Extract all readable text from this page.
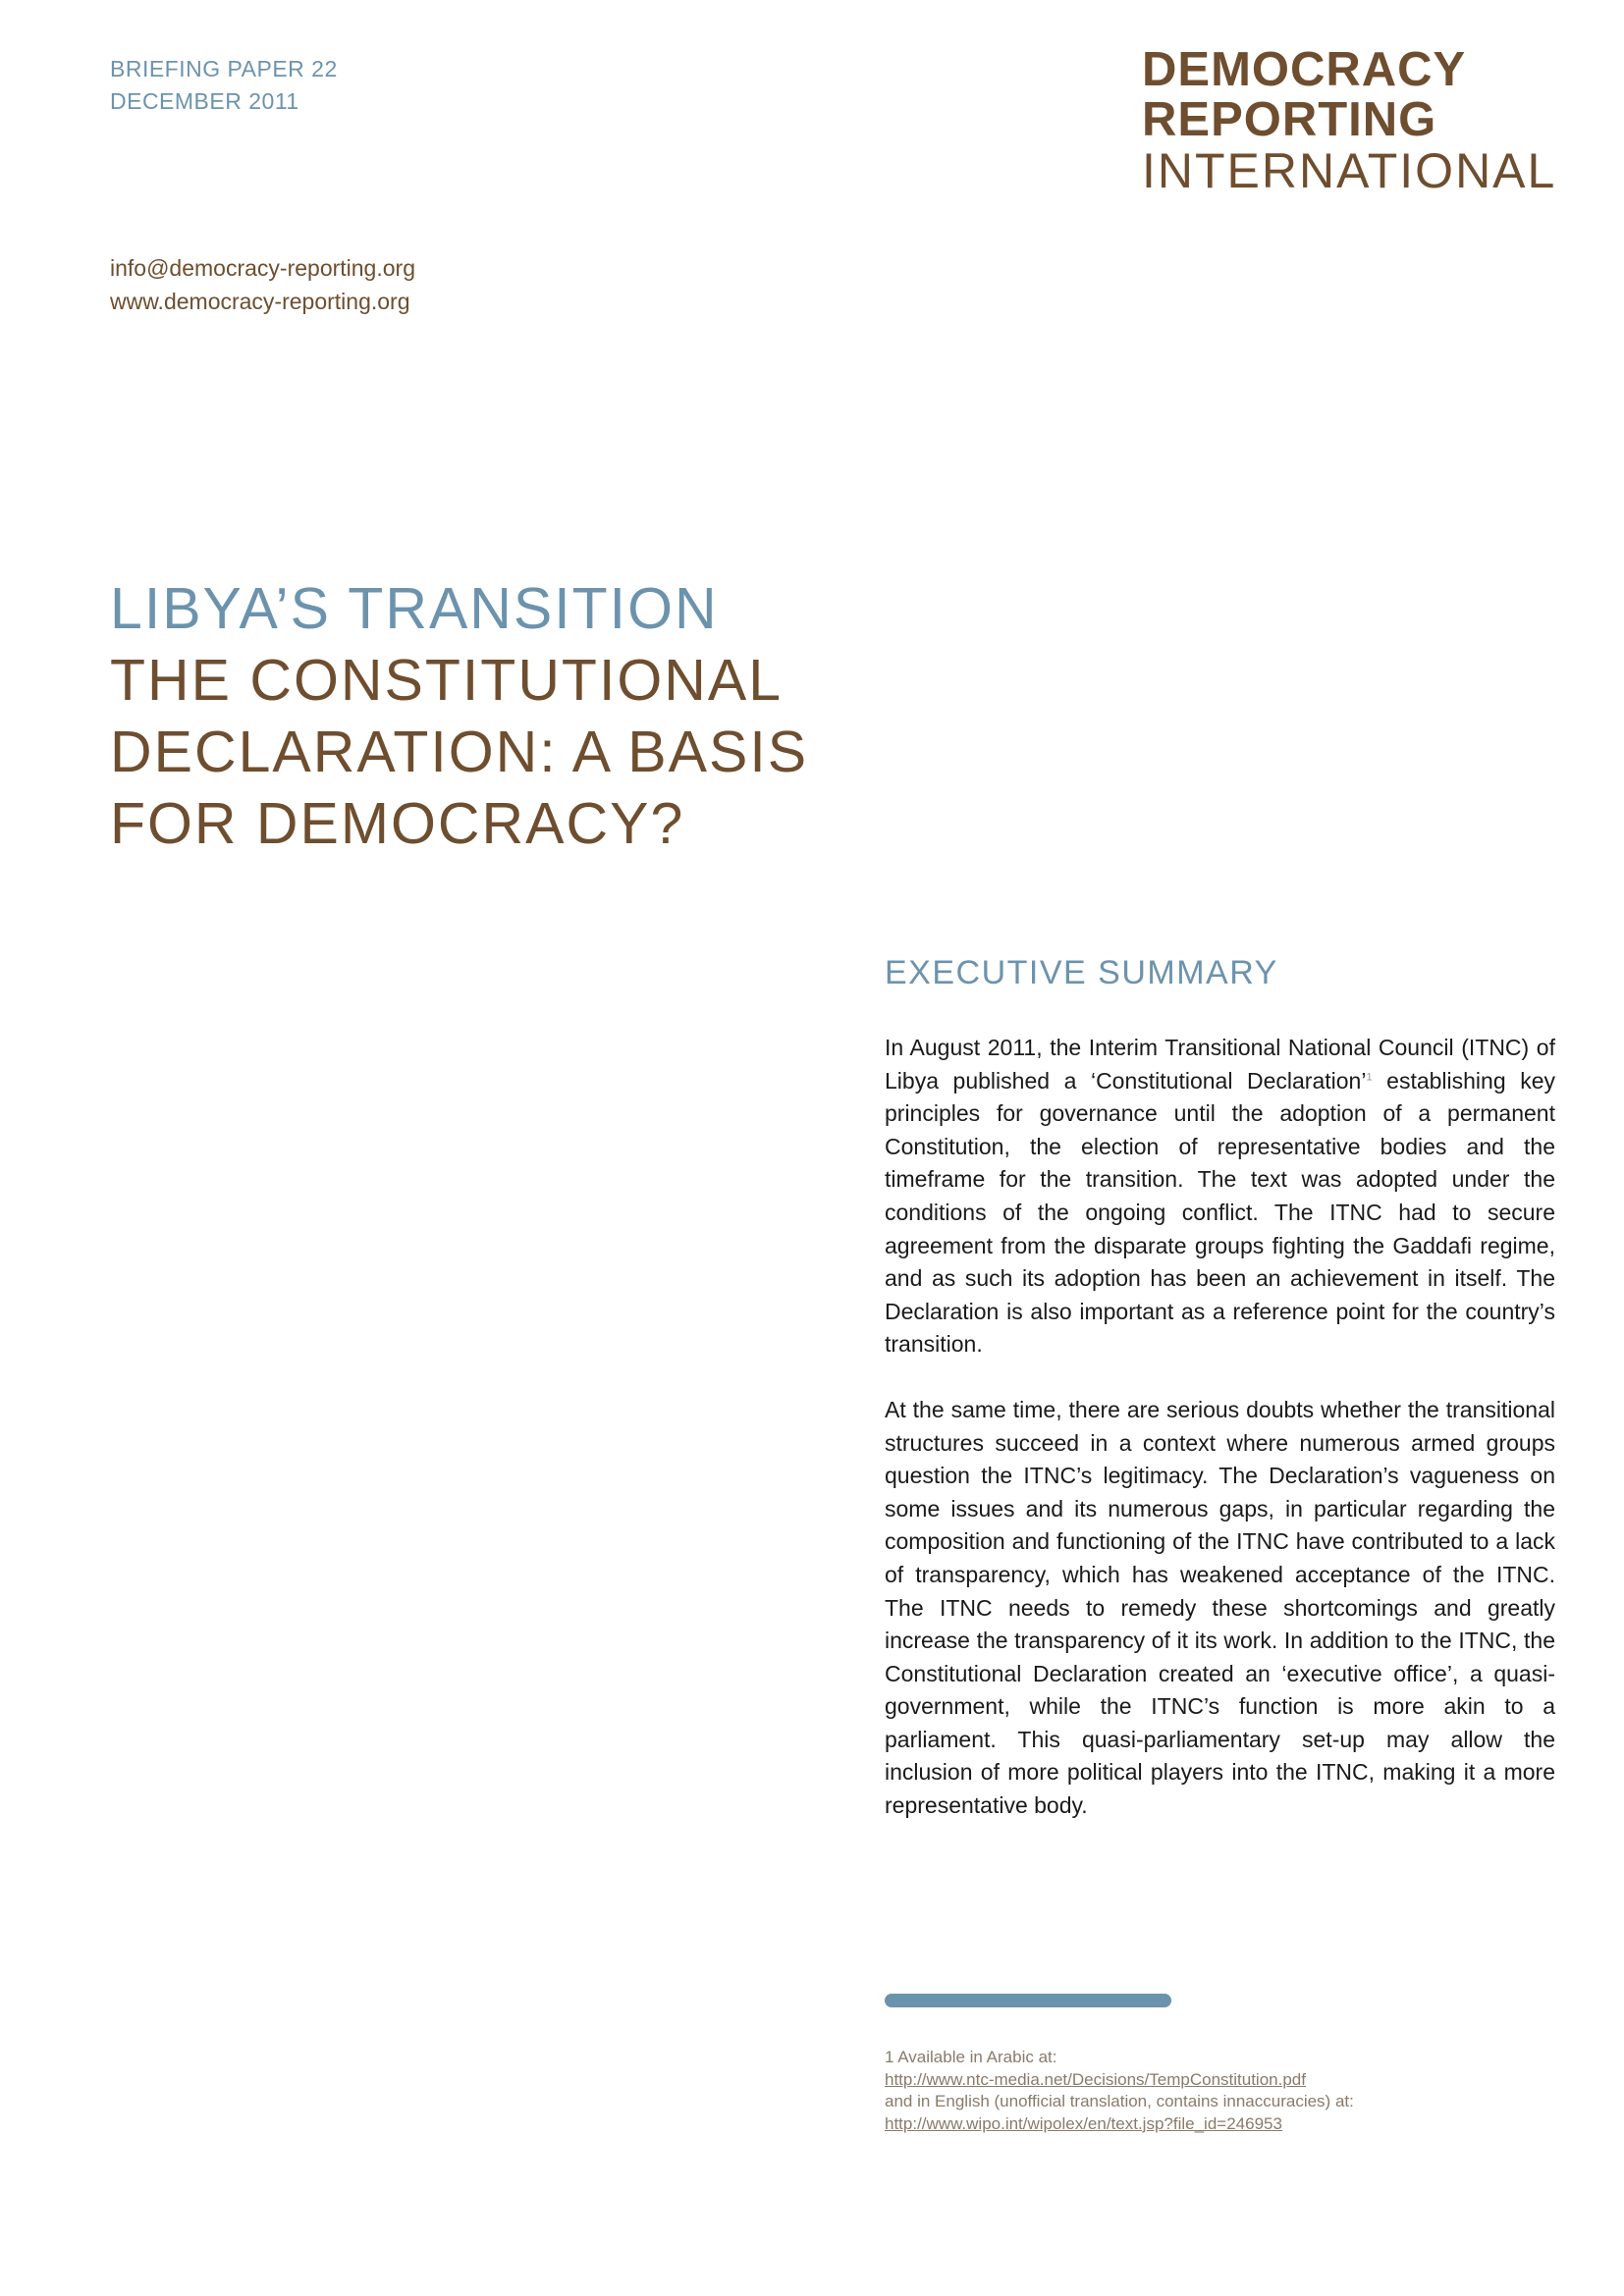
BRIEFING PAPER 22
DECEMBER 2011
DEMOCRACY
REPORTING
INTERNATIONAL
info@democracy-reporting.org
www.democracy-reporting.org
LIBYA’S TRANSITION
THE CONSTITUTIONAL
DECLARATION: A BASIS
FOR DEMOCRACY?
EXECUTIVE SUMMARY

In August 2011, the Interim Transitional National Council (ITNC) of Libya published a ‘Constitutional Declaration’$^1$ establishing key principles for governance until the adoption of a permanent Constitution, the election of representative bodies and the timeframe for the transition. The text was adopted under the conditions of the ongoing conflict. The ITNC had to secure agreement from the disparate groups fighting the Gaddafi regime, and as such its adoption has been an achievement in itself. The Declaration is also important as a reference point for the country’s transition.

At the same time, there are serious doubts whether the transitional structures succeed in a context where numerous armed groups question the ITNC’s legitimacy. The Declaration’s vagueness on some issues and its numerous gaps, in particular regarding the composition and functioning of the ITNC have contributed to a lack of transparency, which has weakened acceptance of the ITNC. The ITNC needs to remedy these shortcomings and greatly increase the transparency of it its work. In addition to the ITNC, the Constitutional Declaration created an ‘executive office’, a quasi-government, while the ITNC’s function is more akin to a parliament. This quasi-parliamentary set-up may allow the inclusion of more political players into the ITNC, making it a more representative body.

1 Available in Arabic at:
http://www.ntc-media.net/Decisions/TempConstitution.pdf
and in English (unofficial translation, contains innaccuracies) at:
http://www.wipo.int/wipolex/en/text.jsp?file_id=246953
